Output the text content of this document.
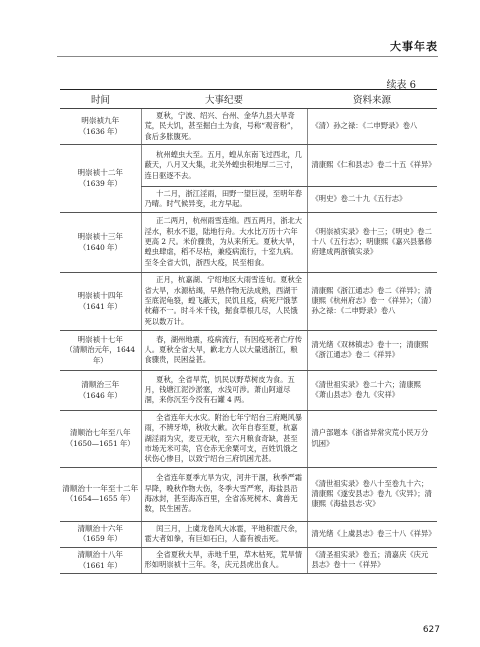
大事年表
续表 6
时间	大事纪要	资料来源

明崇祯九年
（1636 年）	夏秋，宁波、绍兴、台州、金华九县大旱奇荒，民大饥，甚至掘白土为食，号称“观音粉”，食后多胀腹死。	《清）孙之禄：《二申野录》卷八

明崇祯十二年
（1639 年）	杭州蝗虫大至。五月，蝗从东南飞过西北，几蔽天，八月又大集，北关外蝗虫积地厚二三寸，连日驱逐不去。	清康熙《仁和县志》卷二十五《祥异》
	十二月，浙江淫雨，田野一望巨浸，至明年春乃晴。时气候异变，北方早起。	《明史》卷二十九《五行志》

明崇祯十三年
（1640 年）	正二两月，杭州雨雪连绵。西五两月，浙北大淫水，积水不退，陆地行舟。大水比万历十六年更高 2 尺。米价骤贵，为从来所无。夏秋大旱，蝗虫肆虐，稻不尽枯，兼疫病流行，十室九病。至冬全省大饥，浙西大疫，民至相食。	《明崇祯实录》卷十三；《明史》卷二十八《五行志》；明康熙《嘉兴县慕修府建成两浙镇实录》

明崇祯十四年
（1641 年）	正月，杭嘉湖、宁绍地区大雨雪连旬。夏秋全省大旱，水源枯竭，早熟作物无法成熟，西湖干至底泥龟裂，蝗飞蔽天，民饥且疫，病死尸饿莩枕藉不一。时斗米千钱，掘食草根几尽，人民饿死以数万计。	清康熙《浙江通志》卷二《祥异》；清康熙《杭州府志》卷一《祥异》；（清）孙之禄：《二申野录》卷八

明崇祯十七年
（清顺治元年，1644 年）	春，湖州地震，疫病流行，有因疫死者亡疗传人。夏秋全省大旱，歉北方人以大量逃浙江，粮食骤贵，民困益甚。	清光绪《双林镇志》卷十一；清康熙《浙江通志》卷二《祥异》

清顺治三年
（1646 年）	夏秋，全省旱荒，饥民以野草树皮为食。五月，钱塘江泥沙淤塞，水浅可涉。萧山阿道尽涸，来你沉至今没有石罐 4 两。	《清世祖实录》卷二十六；清康熙《萧山县志》卷九《灾祥》

清顺治七年至八年
（1650—1651 年）	全省连年大水灾。附治七年宁绍台三府飓风暴雨，不辨牙埠，秋收大歉。次年自春至夏，杭嘉湖淫雨为灾，麦豆无收，至六月粮食奇缺，甚至市场无米可卖，官仓赤无余粟可支，百姓饥饿之状伤心惨目，以致宁绍台三府饥困尤甚。	清户部题本《浙省异常灾荒小民万分饥困》

清顺治十一年至十二年
（1654—1655 年）	全省连年夏季亢旱为灾，河井干涸，秋季严霜早降，晚秋作物大伤，冬季大雪严寒，海盐县沿海冰封，甚至海冻百里，全省冻死树木、禽兽无数，民生困苦。	《清世祖实录》卷八十至卷九十六；清康熙《遂安县志》卷九《灾异》；清康熙《海盐县志·灾》

清顺治十六年
（1659 年）	闰三月，上虞龙卷风大冰雹，平地积雹尺余，雹大者如拳，有巨如石臼，人畜有被击死。	清光绪《上虞县志》卷三十八《祥异》

清顺治十八年
（1661 年）	全省夏秋大旱，赤地千里，草木枯死，荒旱情形如明崇祯十三年。冬，庆元县虎出食人。	《清圣祖实录》卷五；清嘉庆《庆元县志》卷十一《祥异》
627
